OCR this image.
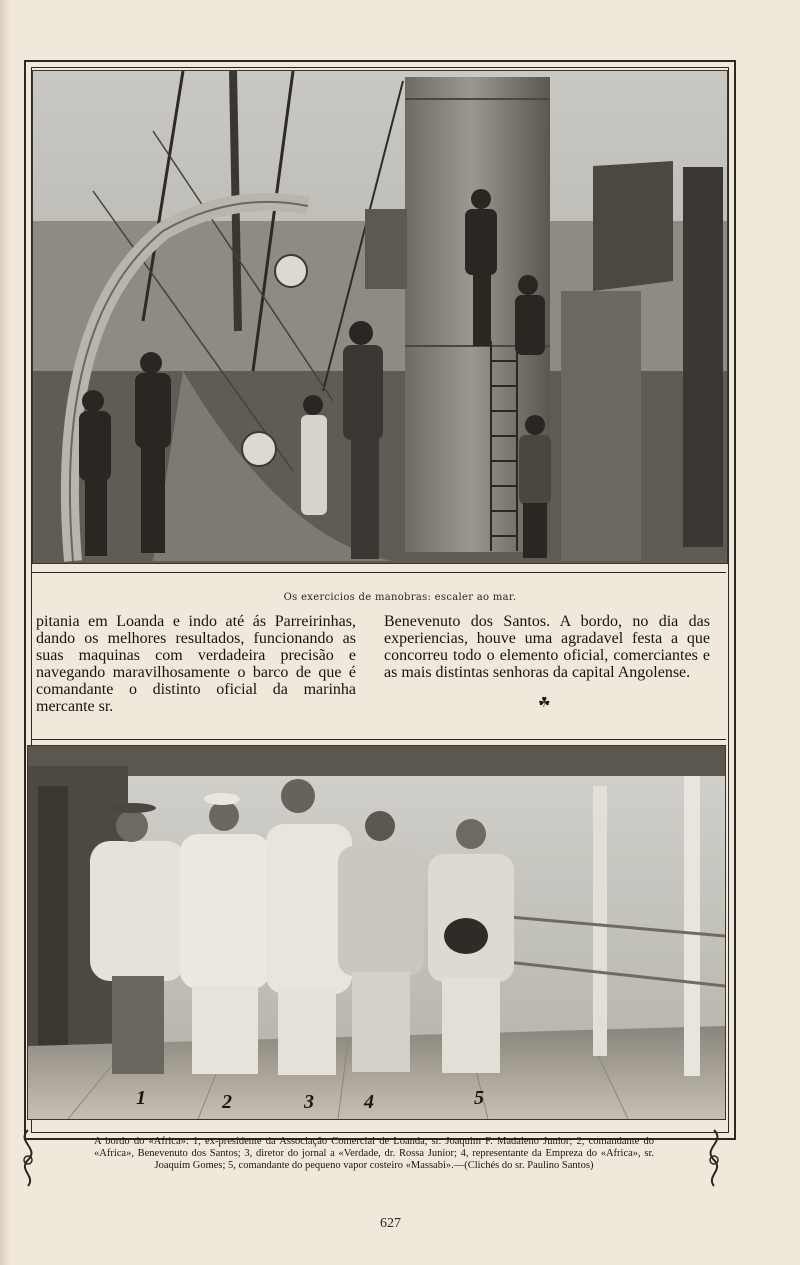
Os exercicios de manobras: escaler ao mar.
pitania em Loanda e indo até ás Parreirinhas, dando os melhores resultados, funcionando as suas maquinas com verdadeira precisão e navegando maravilhosamente o barco de que é comandante o distinto oficial da marinha mercante sr.
Benevenuto dos Santos. A bordo, no dia das experiencias, houve uma agradavel festa a que concorreu todo o elemento oficial, comerciantes e as mais distintas senhoras da capital Angolense.
☘
1	2	3	4	5
A bordo do «Africa»: 1, ex-presidente da Associação Comercial de Loanda, sr. Joaquim F. Madaleno Junior; 2, comandante do «Africa», Benevenuto dos Santos; 3, diretor do jornal a «Verdade, dr. Rossa Junior; 4, representante da Empreza do «Africa», sr. Joaquim Gomes; 5, comandante do pequeno vapor costeiro «Massabi».—(Clichés do sr. Paulino Santos)
627
